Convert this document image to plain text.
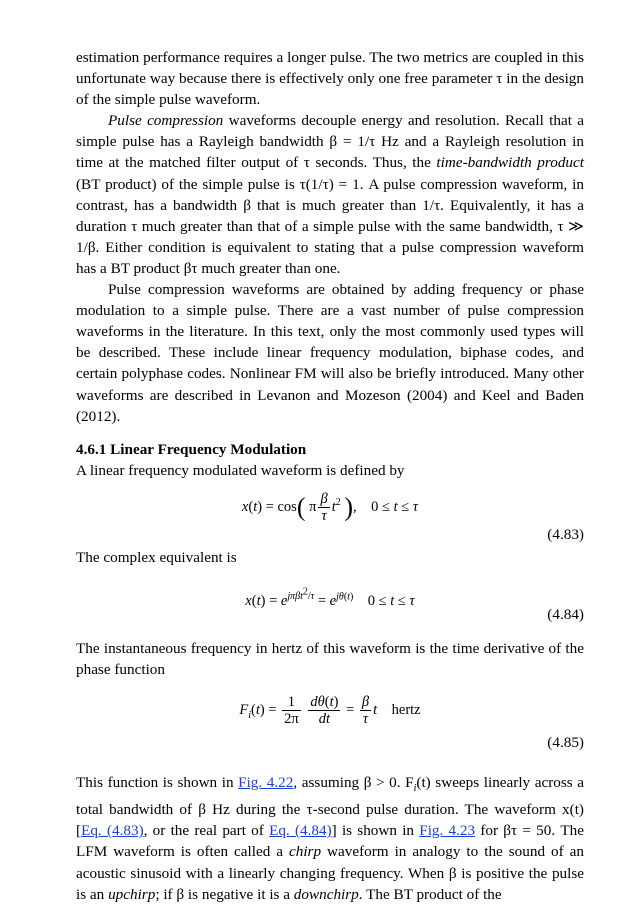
estimation performance requires a longer pulse. The two metrics are coupled in this unfortunate way because there is effectively only one free parameter τ in the design of the simple pulse waveform.

Pulse compression waveforms decouple energy and resolution. Recall that a simple pulse has a Rayleigh bandwidth β = 1/τ Hz and a Rayleigh resolution in time at the matched filter output of τ seconds. Thus, the time-bandwidth product (BT product) of the simple pulse is τ(1/τ) = 1. A pulse compression waveform, in contrast, has a bandwidth β that is much greater than 1/τ. Equivalently, it has a duration τ much greater than that of a simple pulse with the same bandwidth, τ ≫ 1/β. Either condition is equivalent to stating that a pulse compression waveform has a BT product βτ much greater than one.

Pulse compression waveforms are obtained by adding frequency or phase modulation to a simple pulse. There are a vast number of pulse compression waveforms in the literature. In this text, only the most commonly used types will be described. These include linear frequency modulation, biphase codes, and certain polyphase codes. Nonlinear FM will also be briefly introduced. Many other waveforms are described in Levanon and Mozeson (2004) and Keel and Baden (2012).

4.6.1 Linear Frequency Modulation

A linear frequency modulated waveform is defined by

x(t) = cos( π $\frac{\beta}{\tau} t^2$ ),    0 ≤ t ≤ τ
(4.83)

The complex equivalent is

$x(t) = e^{j\pi\beta t^2/\tau} = e^{j\theta(t)}$    0 ≤ t ≤ τ
(4.84)

The instantaneous frequency in hertz of this waveform is the time derivative of the phase function

$F_i(t) = \frac{1}{2\pi}$
$\frac{d\theta(t)}{dt} = \frac{\beta}{\tau}$ t hertz
(4.85)

This function is shown in Fig. 4.22, assuming β > 0. $F_i(t)$ sweeps linearly across a total bandwidth of β Hz during the τ-second pulse duration. The waveform x(t) [Eq. (4.83), or the real part of Eq. (4.84)] is shown in Fig. 4.23 for βτ = 50. The LFM waveform is often called a chirp waveform in analogy to the sound of an acoustic sinusoid with a linearly changing frequency. When β is positive the pulse is an upchirp; if β is negative it is a downchirp. The BT product of the
